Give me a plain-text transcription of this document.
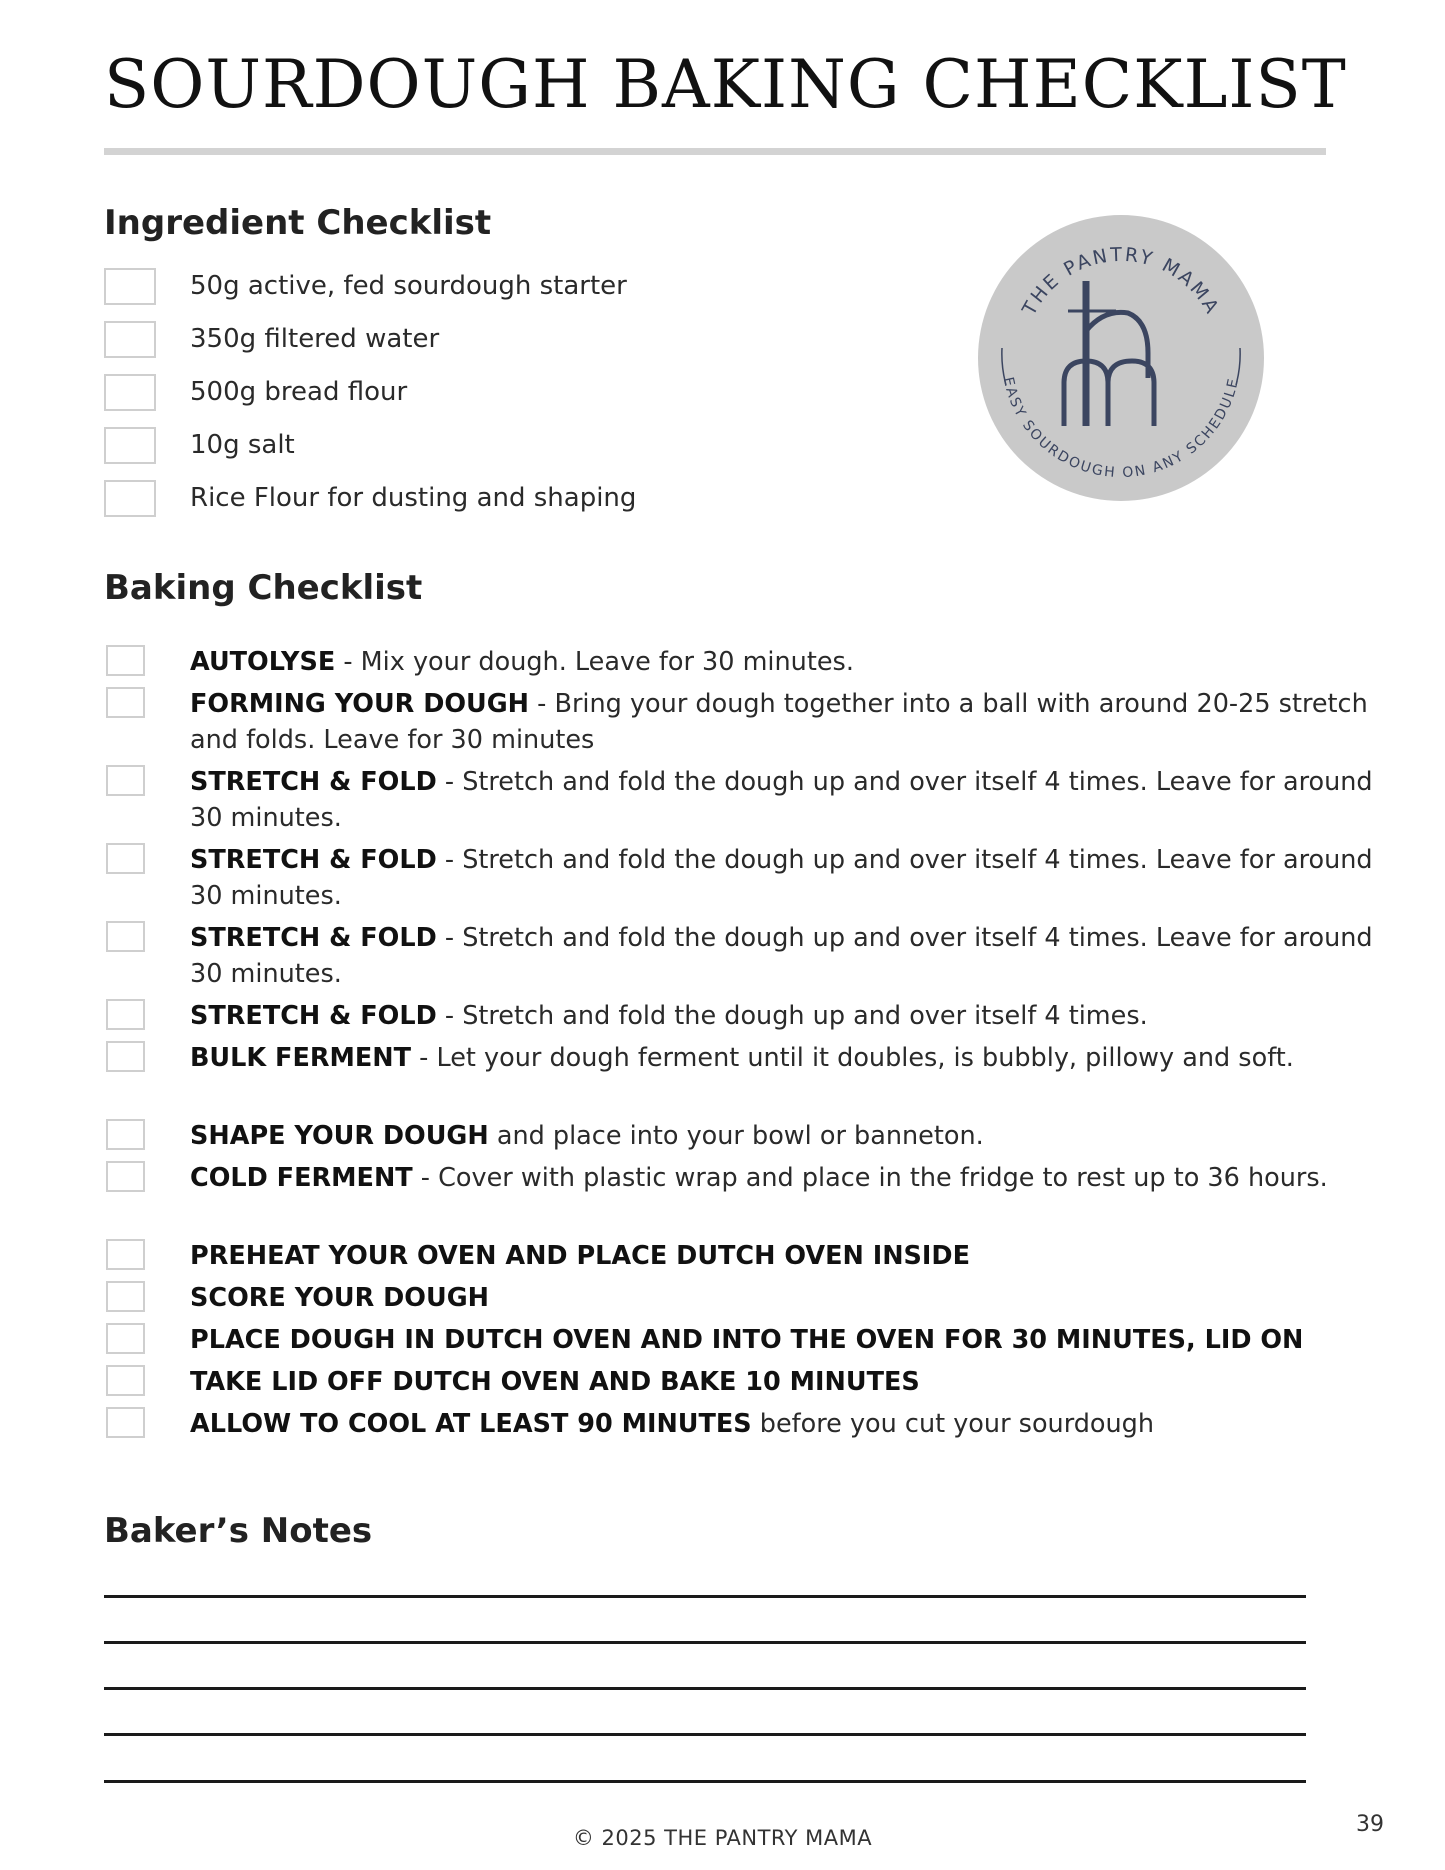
SOURDOUGH BAKING CHECKLIST
Ingredient Checklist
50g active, fed sourdough starter
350g filtered water
500g bread flour
10g salt
Rice Flour for dusting and shaping
THE PANTRY MAMA
EASY SOURDOUGH ON ANY SCHEDULE
Baking Checklist
AUTOLYSE - Mix your dough. Leave for 30 minutes.
FORMING YOUR DOUGH - Bring your dough together into a ball with around 20-25 stretch and folds. Leave for 30 minutes
STRETCH & FOLD - Stretch and fold the dough up and over itself 4 times. Leave for around 30 minutes.
STRETCH & FOLD - Stretch and fold the dough up and over itself 4 times. Leave for around 30 minutes.
STRETCH & FOLD - Stretch and fold the dough up and over itself 4 times. Leave for around 30 minutes.
STRETCH & FOLD - Stretch and fold the dough up and over itself 4 times.
BULK FERMENT - Let your dough ferment until it doubles, is bubbly, pillowy and soft.
SHAPE YOUR DOUGH and place into your bowl or banneton.
COLD FERMENT - Cover with plastic wrap and place in the fridge to rest up to 36 hours.
PREHEAT YOUR OVEN AND PLACE DUTCH OVEN INSIDE
SCORE YOUR DOUGH
PLACE DOUGH IN DUTCH OVEN AND INTO THE OVEN FOR 30 MINUTES, LID ON
TAKE LID OFF DUTCH OVEN AND BAKE 10 MINUTES
ALLOW TO COOL AT LEAST 90 MINUTES before you cut your sourdough
Baker’s Notes
© 2025 THE PANTRY MAMA
39
